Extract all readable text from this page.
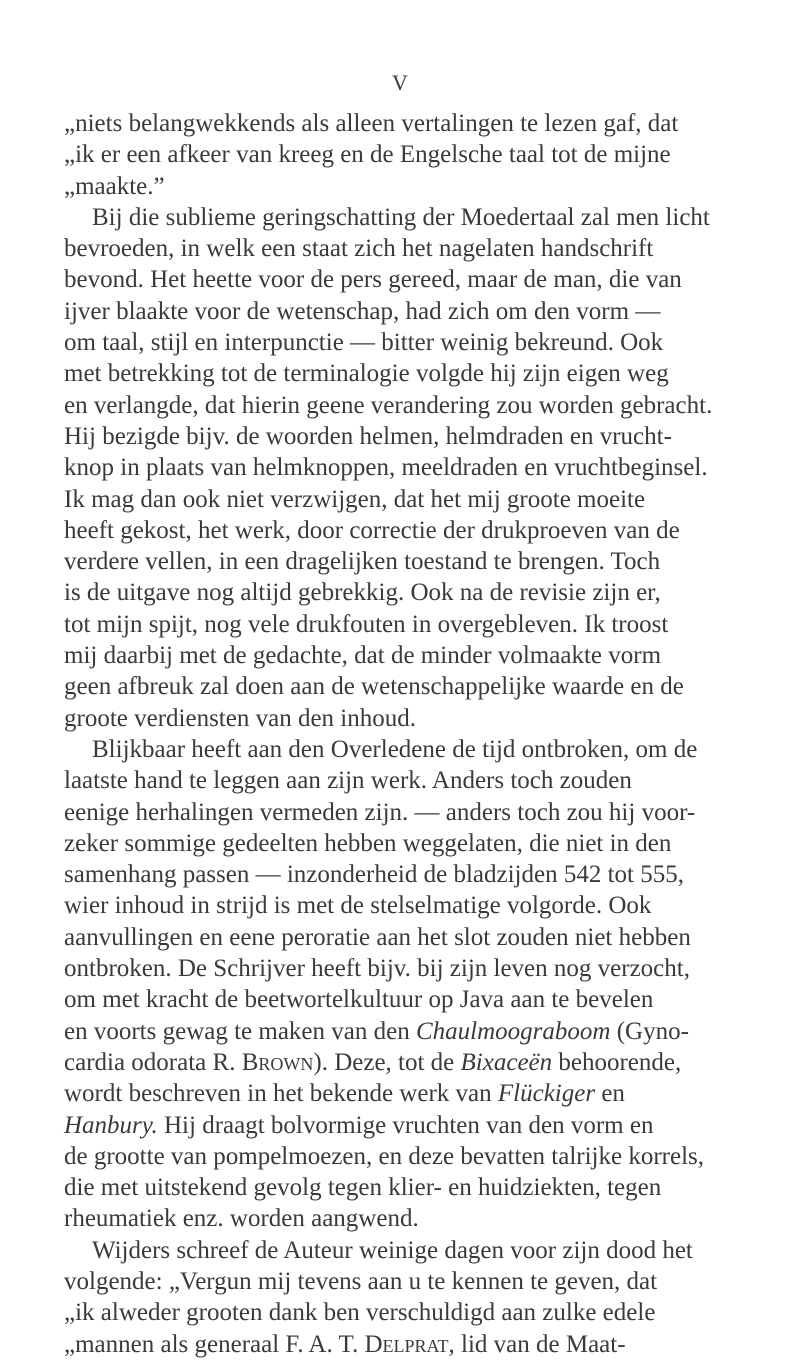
V
„niets belangwekkends als alleen vertalingen te lezen gaf, dat
„ik er een afkeer van kreeg en de Engelsche taal tot de mijne
„maakte.”
Bij die sublieme geringschatting der Moedertaal zal men licht
bevroeden, in welk een staat zich het nagelaten handschrift
bevond. Het heette voor de pers gereed, maar de man, die van
ijver blaakte voor de wetenschap, had zich om den vorm —
om taal, stijl en interpunctie — bitter weinig bekreund. Ook
met betrekking tot de terminalogie volgde hij zijn eigen weg
en verlangde, dat hierin geene verandering zou worden gebracht.
Hij bezigde bijv. de woorden helmen, helmdraden en vrucht-
knop in plaats van helmknoppen, meeldraden en vruchtbeginsel.
Ik mag dan ook niet verzwijgen, dat het mij groote moeite
heeft gekost, het werk, door correctie der drukproeven van de
verdere vellen, in een dragelijken toestand te brengen. Toch
is de uitgave nog altijd gebrekkig. Ook na de revisie zijn er,
tot mijn spijt, nog vele drukfouten in overgebleven. Ik troost
mij daarbij met de gedachte, dat de minder volmaakte vorm
geen afbreuk zal doen aan de wetenschappelijke waarde en de
groote verdiensten van den inhoud.
Blijkbaar heeft aan den Overledene de tijd ontbroken, om de
laatste hand te leggen aan zijn werk. Anders toch zouden
eenige herhalingen vermeden zijn. — anders toch zou hij voor-
zeker sommige gedeelten hebben weggelaten, die niet in den
samenhang passen — inzonderheid de bladzijden 542 tot 555,
wier inhoud in strijd is met de stelselmatige volgorde. Ook
aanvullingen en eene peroratie aan het slot zouden niet hebben
ontbroken. De Schrijver heeft bijv. bij zijn leven nog verzocht,
om met kracht de beetwortelkultuur op Java aan te bevelen
en voorts gewag te maken van den Chaulmoograboom (Gyno-
cardia odorata R. Brown). Deze, tot de Bixaceën behoorende,
wordt beschreven in het bekende werk van Flückiger en
Hanbury. Hij draagt bolvormige vruchten van den vorm en
de grootte van pompelmoezen, en deze bevatten talrijke korrels,
die met uitstekend gevolg tegen klier- en huidziekten, tegen
rheumatiek enz. worden aangwend.
Wijders schreef de Auteur weinige dagen voor zijn dood het
volgende: „Vergun mij tevens aan u te kennen te geven, dat
„ik alweder grooten dank ben verschuldigd aan zulke edele
„mannen als generaal F. A. T. Delprat, lid van de Maat-
